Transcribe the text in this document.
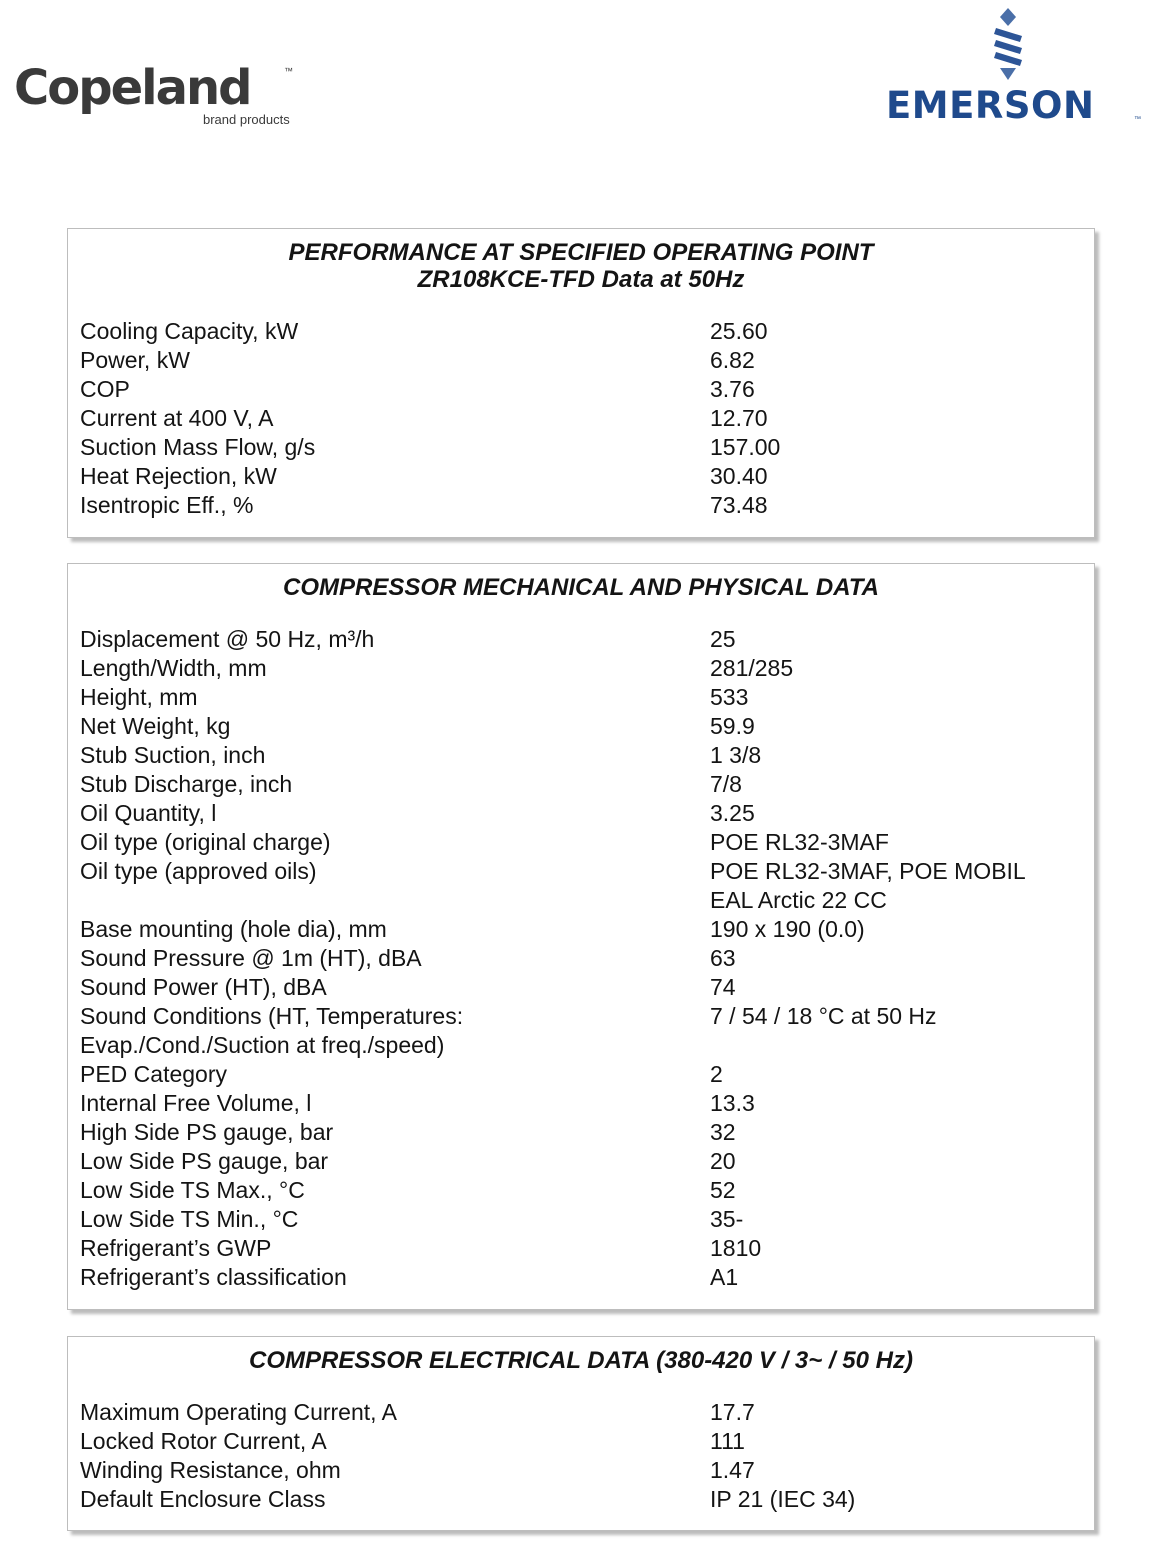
Copeland	™
brand products	EMERSON	™
PERFORMANCE AT SPECIFIED OPERATING POINT
ZR108KCE-TFD Data at 50Hz
Cooling Capacity, kW	25.60
Power, kW	6.82
COP	3.76
Current at 400 V, A	12.70
Suction Mass Flow, g/s	157.00
Heat Rejection, kW	30.40
Isentropic Eff., %	73.48
COMPRESSOR MECHANICAL AND PHYSICAL DATA
Displacement @ 50 Hz, m³/h	25
Length/Width, mm	281/285
Height, mm	533
Net Weight, kg	59.9
Stub Suction, inch	1 3/8
Stub Discharge, inch	7/8
Oil Quantity, l	3.25
Oil type (original charge)	POE RL32-3MAF
Oil type (approved oils)	POE RL32-3MAF, POE MOBIL
EAL Arctic 22 CC
Base mounting (hole dia), mm	190 x 190 (0.0)
Sound Pressure @ 1m (HT), dBA	63
Sound Power (HT), dBA	74
Sound Conditions (HT, Temperatures:	7 / 54 / 18 °C at 50 Hz
Evap./Cond./Suction at freq./speed)
PED Category	2
Internal Free Volume, l	13.3
High Side PS gauge, bar	32
Low Side PS gauge, bar	20
Low Side TS Max., °C	52
Low Side TS Min., °C	35-
Refrigerant’s GWP	1810
Refrigerant’s classification	A1
COMPRESSOR ELECTRICAL DATA (380-420 V / 3~ / 50 Hz)
Maximum Operating Current, A	17.7
Locked Rotor Current, A	111
Winding Resistance, ohm	1.47
Default Enclosure Class	IP 21 (IEC 34)
